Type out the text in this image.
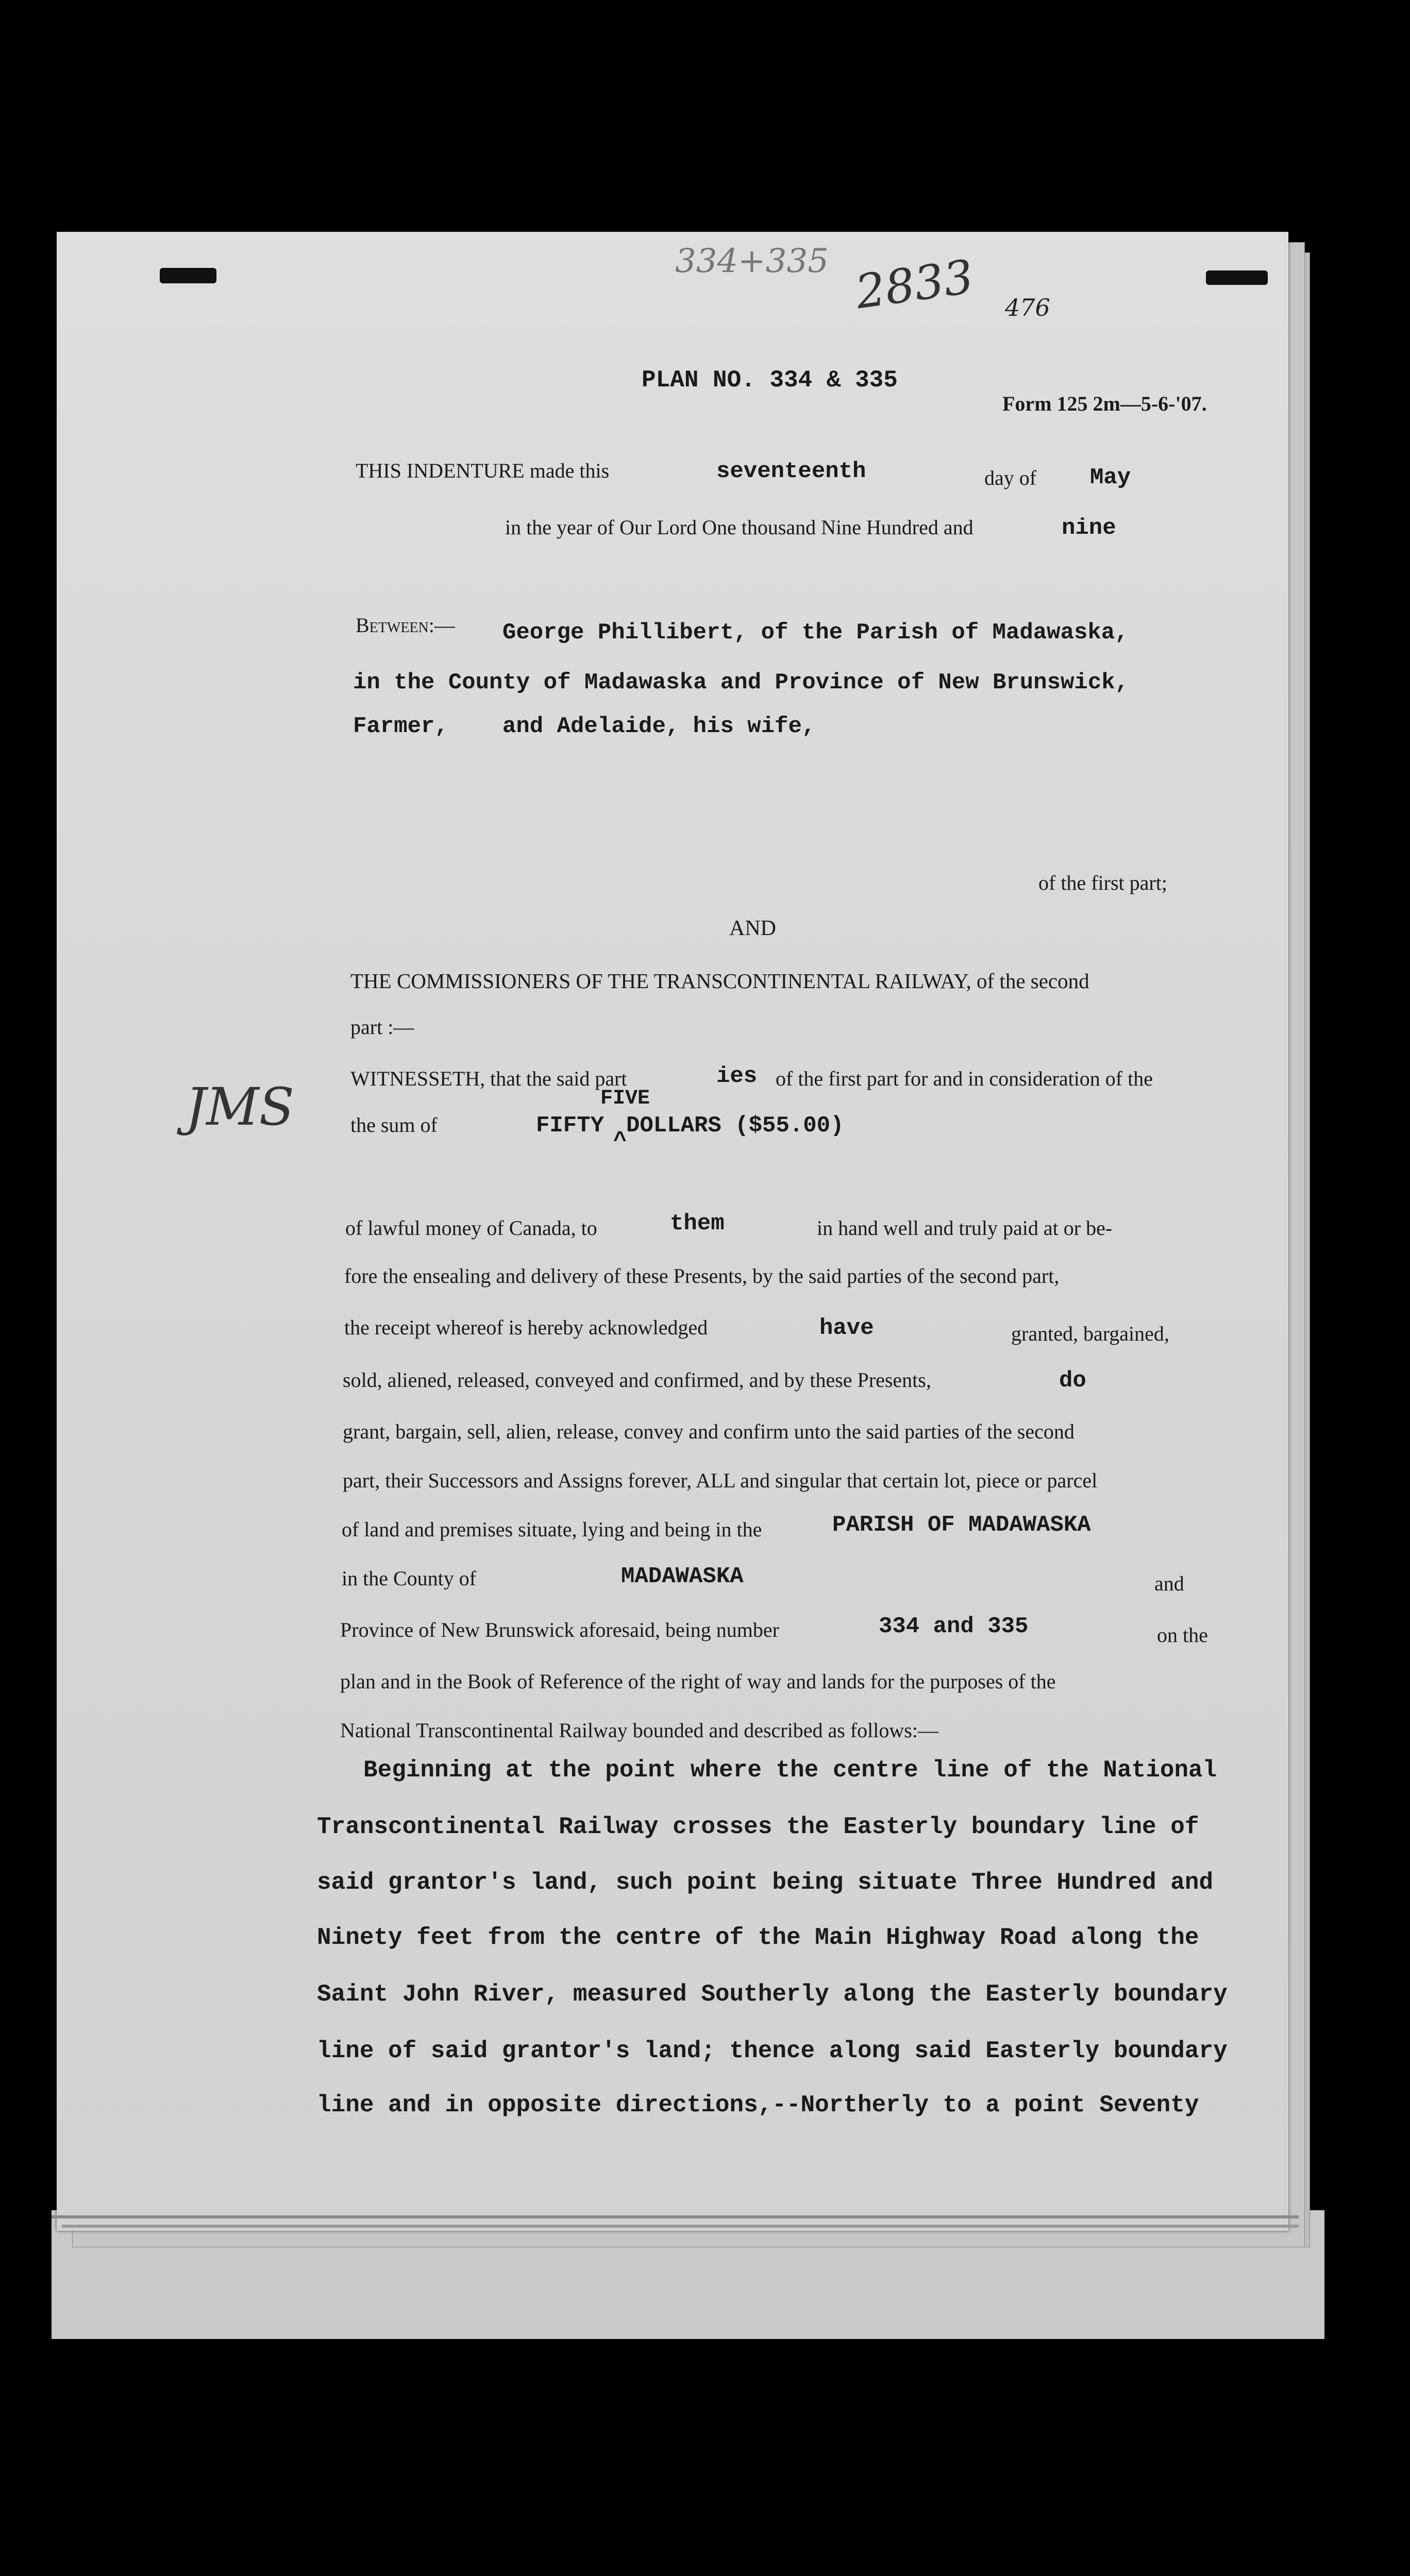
334+335 2833 476
PLAN NO. 334 & 335
Form 125 2m—5-6-'07.
THIS INDENTURE made this	seventeenth	day of May
in the year of Our Lord One thousand Nine Hundred and	nine
Between:— George Phillibert, of the Parish of Madawaska,
in the County of Madawaska and Province of New Brunswick,
Farmer, and Adelaide, his wife,
of the first part;
AND
THE COMMISSIONERS OF THE TRANSCONTINENTAL RAILWAY, of the second
part :—
JMS	WITNESSETH, that the said part	ies of the first part for and in consideration of the
FIVE
the sum of	FIFTY
^
DOLLARS ($55.00)
of lawful money of Canada, to	them	in hand well and truly paid at or be-
fore the ensealing and delivery of these Presents, by the said parties of the second part,
the receipt whereof is hereby acknowledged	have	granted, bargained,
sold, aliened, released, conveyed and confirmed, and by these Presents,	do
grant, bargain, sell, alien, release, convey and confirm unto the said parties of the second
part, their Successors and Assigns forever, ALL and singular that certain lot, piece or parcel
of land and premises situate, lying and being in the	PARISH OF MADAWASKA
in the County of	MADAWASKA	and
Province of New Brunswick aforesaid, being number	334 and 335	on the
plan and in the Book of Reference of the right of way and lands for the purposes of the
National Transcontinental Railway bounded and described as follows:—
Beginning at the point where the centre line of the National
Transcontinental Railway crosses the Easterly boundary line of
said grantor's land, such point being situate Three Hundred and
Ninety feet from the centre of the Main Highway Road along the
Saint John River, measured Southerly along the Easterly boundary
line of said grantor's land; thence along said Easterly boundary
line and in opposite directions,--Northerly to a point Seventy
